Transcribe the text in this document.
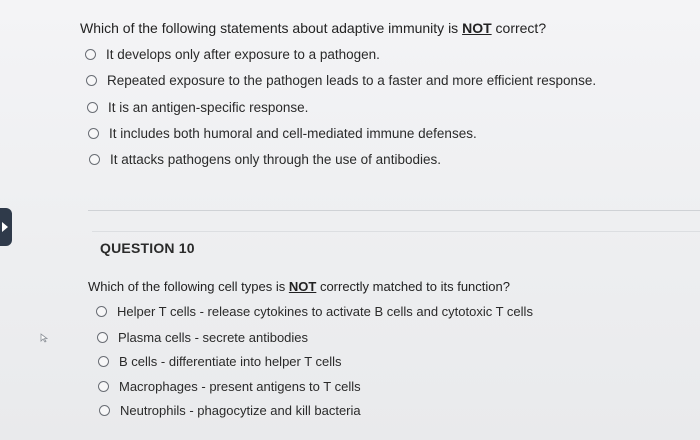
Which of the following statements about adaptive immunity is NOT correct?
It develops only after exposure to a pathogen.
Repeated exposure to the pathogen leads to a faster and more efficient response.
It is an antigen-specific response.
It includes both humoral and cell-mediated immune defenses.
It attacks pathogens only through the use of antibodies.
QUESTION 10
Which of the following cell types is NOT correctly matched to its function?
Helper T cells - release cytokines to activate B cells and cytotoxic T cells
Plasma cells - secrete antibodies
B cells - differentiate into helper T cells
Macrophages - present antigens to T cells
Neutrophils - phagocytize and kill bacteria
